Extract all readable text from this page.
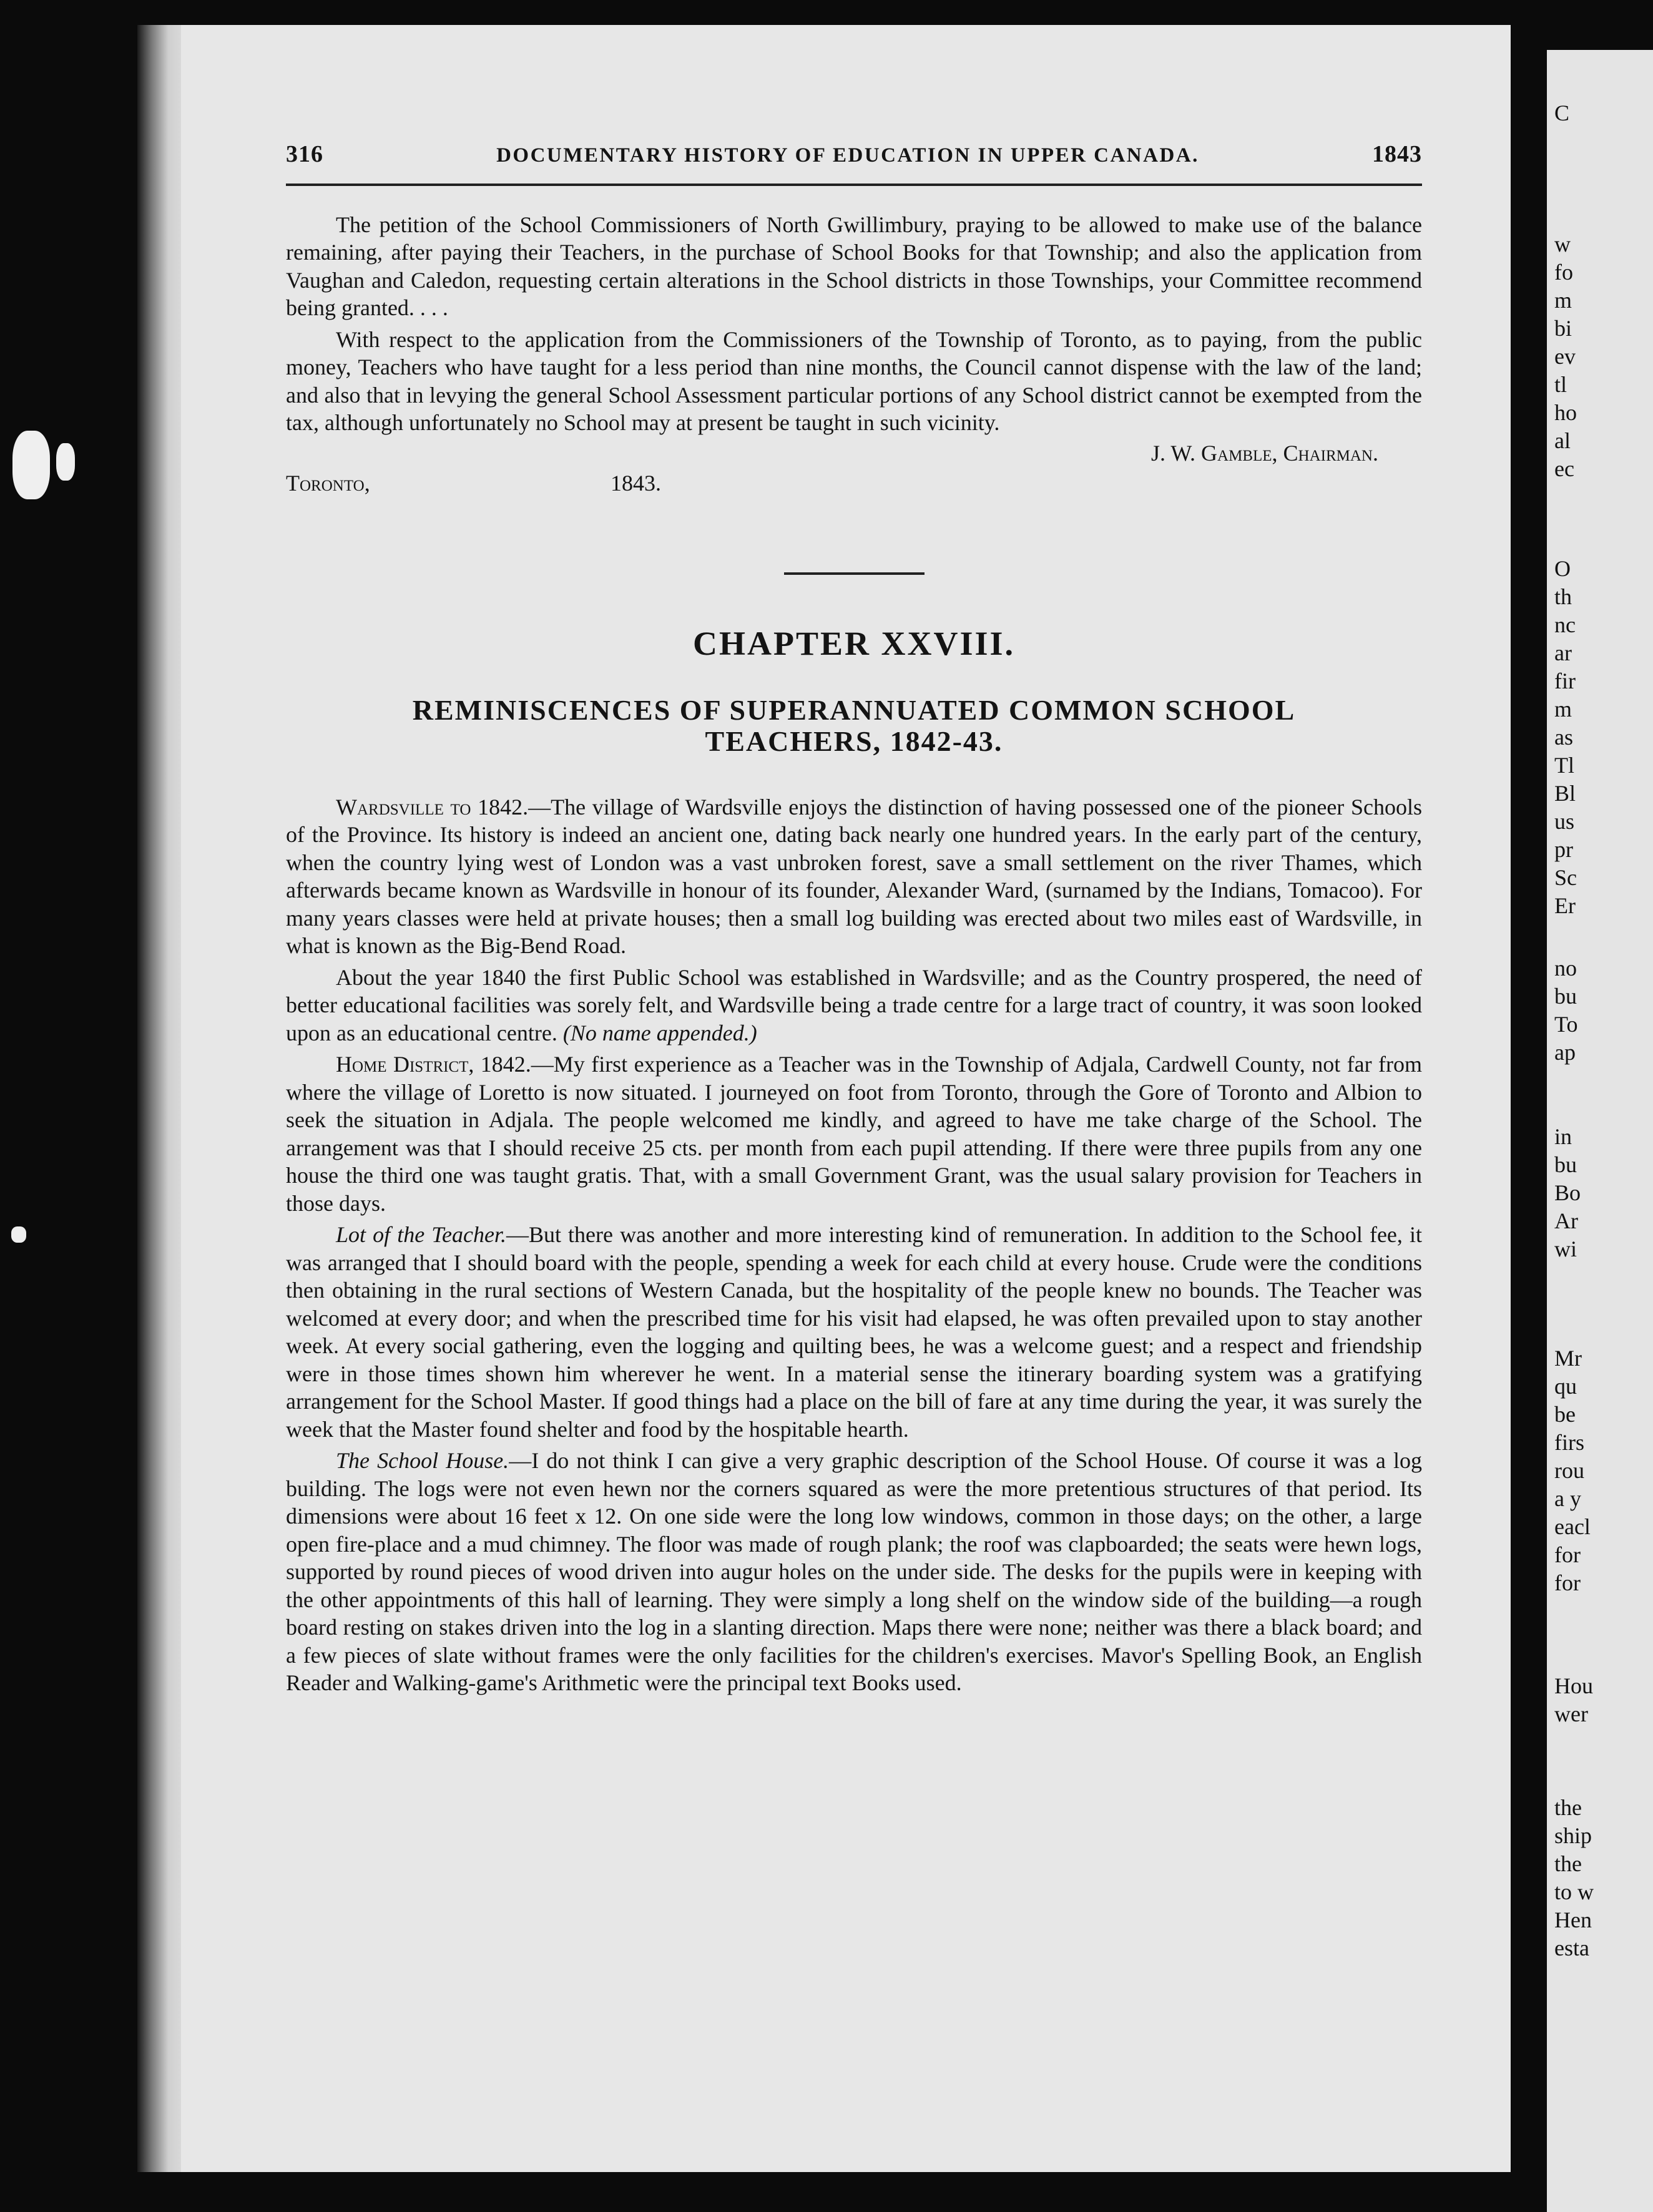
C
w
fo
m
bi
ev
tl
ho
al
ec
O
th
nc
ar
fir
m
as
Tl
Bl
us
pr
Sc
Er
no
bu
To
ap
in
bu
Bo
Ar
wi
Mr
qu
be
firs
rou
a y
eacl
for
for
Hou
wer
the
ship
the
to w
Hen
esta
316	DOCUMENTARY HISTORY OF EDUCATION IN UPPER CANADA.	1843

The petition of the School Commissioners of North Gwillimbury, praying to be allowed to make use of the balance remaining, after paying their Teachers, in the purchase of School Books for that Township; and also the application from Vaughan and Caledon, requesting certain alterations in the School districts in those Townships, your Committee recommend being granted. . . .

With respect to the application from the Commissioners of the Township of Toronto, as to paying, from the public money, Teachers who have taught for a less period than nine months, the Council cannot dispense with the law of the land; and also that in levying the general School Assessment particular portions of any School district cannot be exempted from the tax, although unfortunately no School may at present be taught in such vicinity.

J. W. Gamble, Chairman.
Toronto,	1843.
CHAPTER XXVIII.
REMINISCENCES OF SUPERANNUATED COMMON SCHOOL TEACHERS, 1842-43.

Wardsville to 1842.—The village of Wardsville enjoys the distinction of having possessed one of the pioneer Schools of the Province. Its history is indeed an ancient one, dating back nearly one hundred years. In the early part of the century, when the country lying west of London was a vast unbroken forest, save a small settlement on the river Thames, which afterwards became known as Wardsville in honour of its founder, Alexander Ward, (surnamed by the Indians, Tomacoo). For many years classes were held at private houses; then a small log building was erected about two miles east of Wardsville, in what is known as the Big-Bend Road.

About the year 1840 the first Public School was established in Wardsville; and as the Country prospered, the need of better educational facilities was sorely felt, and Wardsville being a trade centre for a large tract of country, it was soon looked upon as an educational centre. (No name appended.)

Home District, 1842.—My first experience as a Teacher was in the Township of Adjala, Cardwell County, not far from where the village of Loretto is now situated. I journeyed on foot from Toronto, through the Gore of Toronto and Albion to seek the situation in Adjala. The people welcomed me kindly, and agreed to have me take charge of the School. The arrangement was that I should receive 25 cts. per month from each pupil attending. If there were three pupils from any one house the third one was taught gratis. That, with a small Government Grant, was the usual salary provision for Teachers in those days.

Lot of the Teacher.—But there was another and more interesting kind of remuneration. In addition to the School fee, it was arranged that I should board with the people, spending a week for each child at every house. Crude were the conditions then obtaining in the rural sections of Western Canada, but the hospitality of the people knew no bounds. The Teacher was welcomed at every door; and when the prescribed time for his visit had elapsed, he was often prevailed upon to stay another week. At every social gathering, even the logging and quilting bees, he was a welcome guest; and a respect and friendship were in those times shown him wherever he went. In a material sense the itinerary boarding system was a gratifying arrangement for the School Master. If good things had a place on the bill of fare at any time during the year, it was surely the week that the Master found shelter and food by the hospitable hearth.

The School House.—I do not think I can give a very graphic description of the School House. Of course it was a log building. The logs were not even hewn nor the corners squared as were the more pretentious structures of that period. Its dimensions were about 16 feet x 12. On one side were the long low windows, common in those days; on the other, a large open fire-place and a mud chimney. The floor was made of rough plank; the roof was clapboarded; the seats were hewn logs, supported by round pieces of wood driven into augur holes on the under side. The desks for the pupils were in keeping with the other appointments of this hall of learning. They were simply a long shelf on the window side of the building—a rough board resting on stakes driven into the log in a slanting direction. Maps there were none; neither was there a black board; and a few pieces of slate without frames were the only facilities for the children's exercises. Mavor's Spelling Book, an English Reader and Walking-game's Arithmetic were the principal text Books used.
